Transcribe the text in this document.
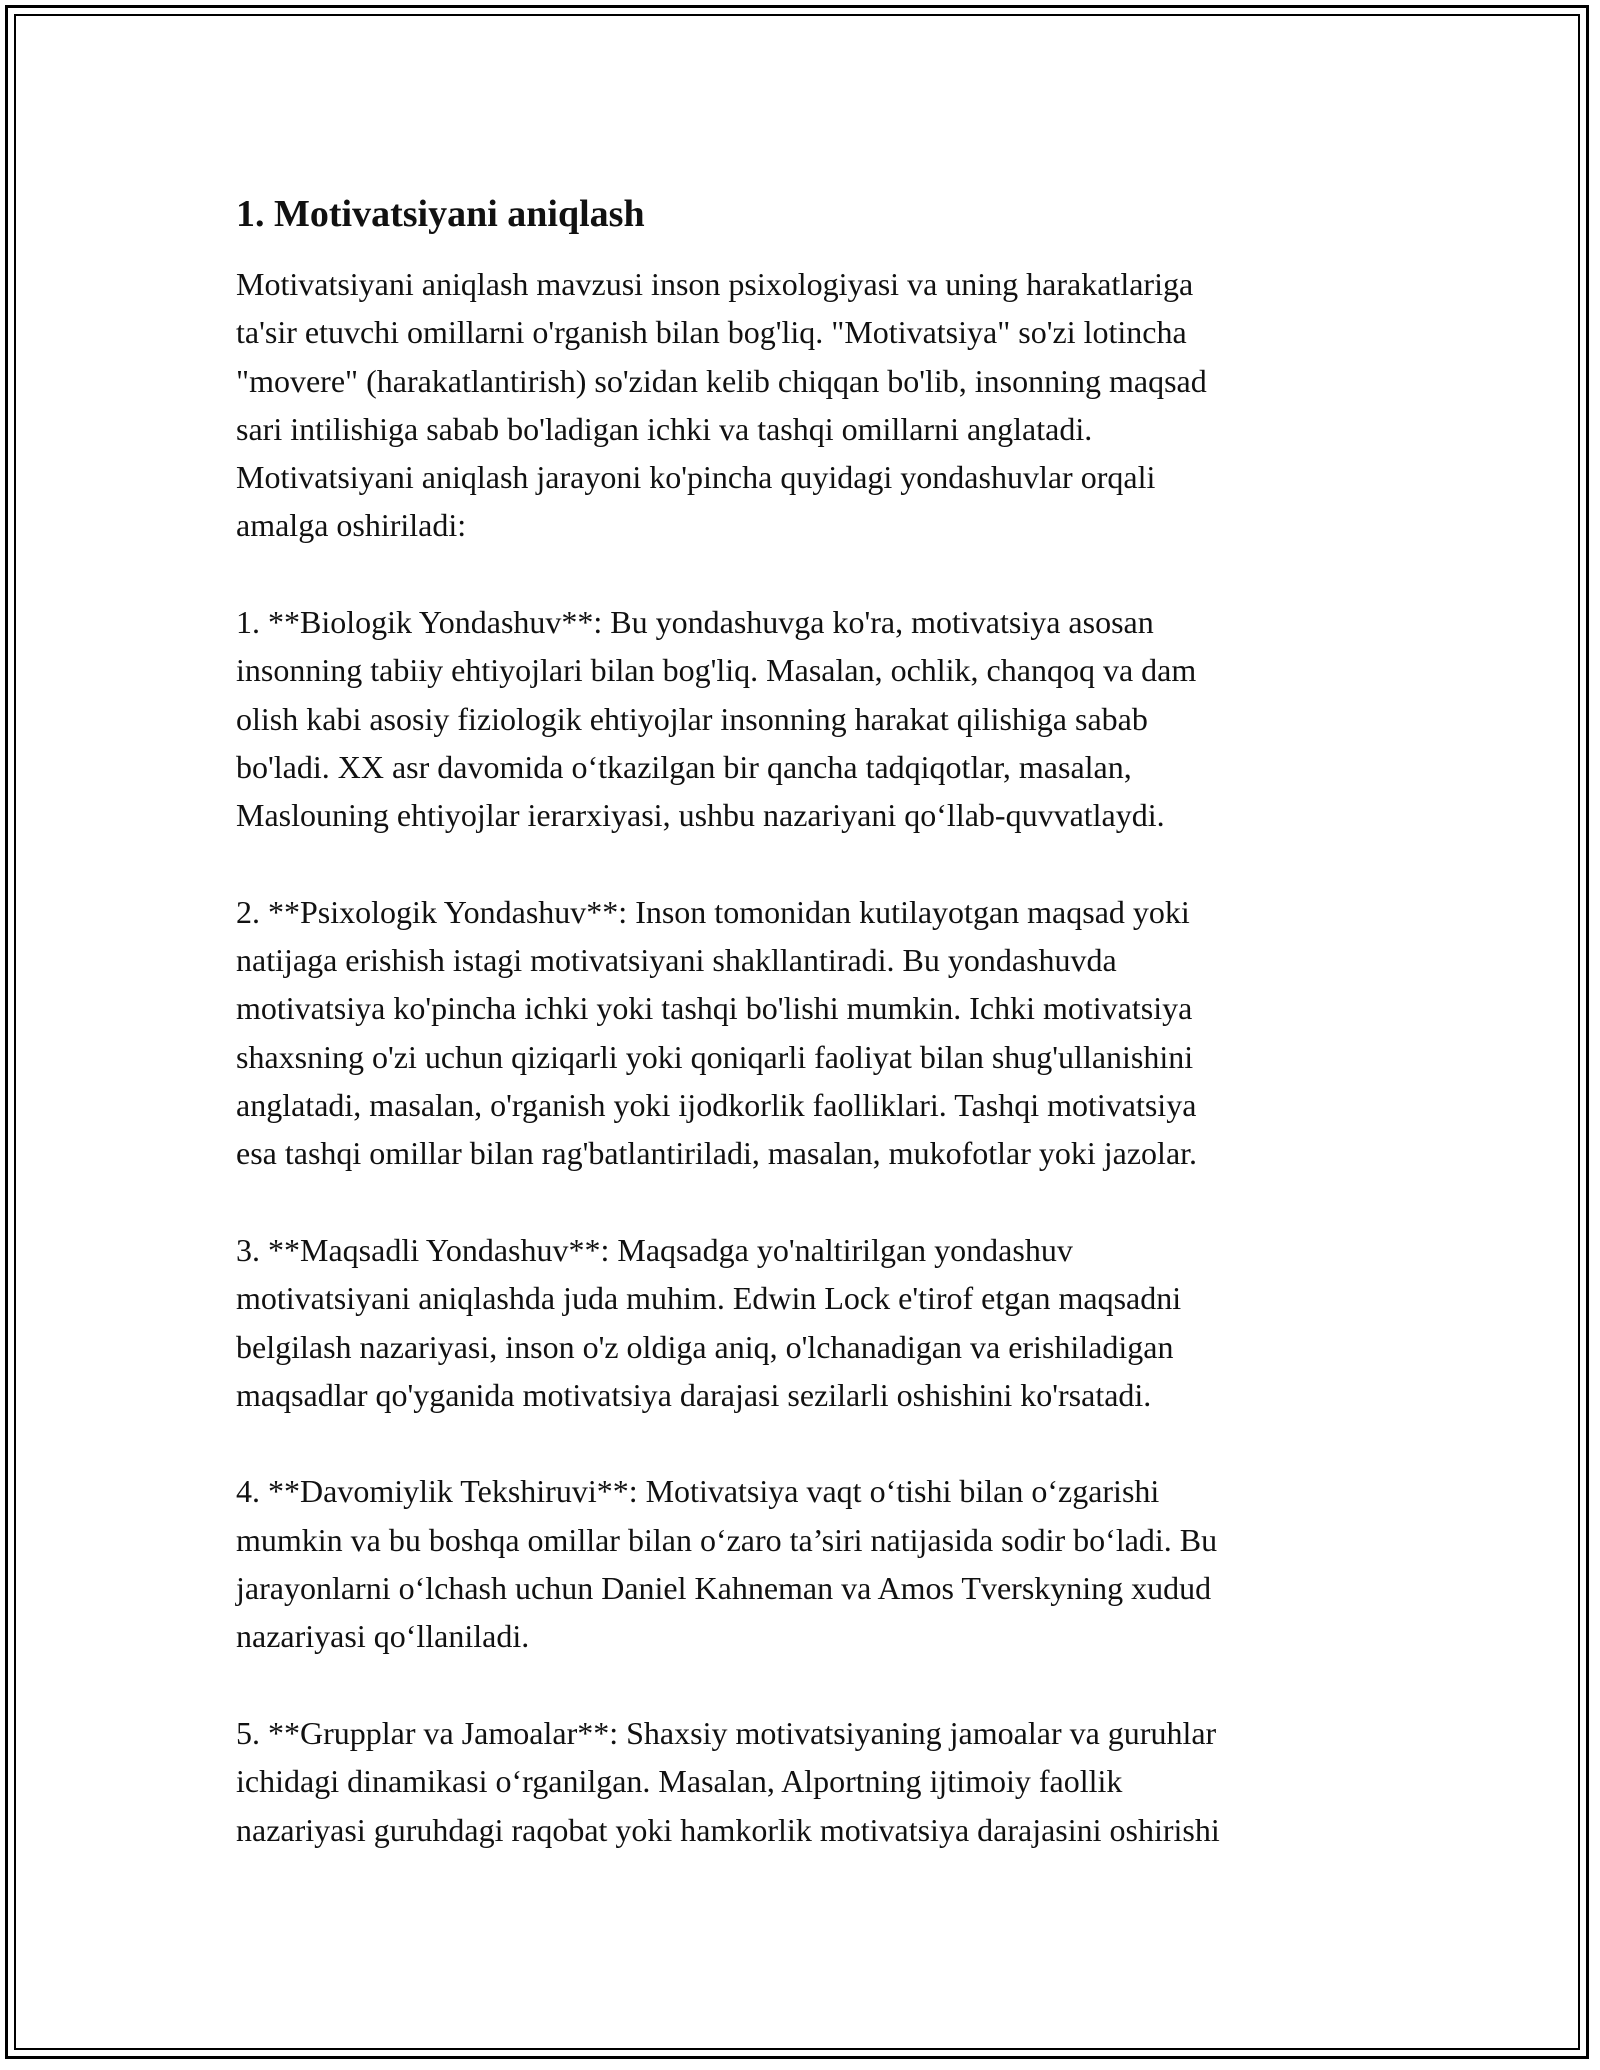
1. Motivatsiyani aniqlash

Motivatsiyani aniqlash mavzusi inson psixologiyasi va uning harakatlariga
ta'sir etuvchi omillarni o'rganish bilan bog'liq. "Motivatsiya" so'zi lotincha
"movere" (harakatlantirish) so'zidan kelib chiqqan bo'lib, insonning maqsad
sari intilishiga sabab bo'ladigan ichki va tashqi omillarni anglatadi.
Motivatsiyani aniqlash jarayoni ko'pincha quyidagi yondashuvlar orqali
amalga oshiriladi:

1. **Biologik Yondashuv**: Bu yondashuvga ko'ra, motivatsiya asosan
insonning tabiiy ehtiyojlari bilan bog'liq. Masalan, ochlik, chanqoq va dam
olish kabi asosiy fiziologik ehtiyojlar insonning harakat qilishiga sabab
bo'ladi. XX asr davomida o‘tkazilgan bir qancha tadqiqotlar, masalan,
Maslouning ehtiyojlar ierarxiyasi, ushbu nazariyani qo‘llab-quvvatlaydi.

2. **Psixologik Yondashuv**: Inson tomonidan kutilayotgan maqsad yoki
natijaga erishish istagi motivatsiyani shakllantiradi. Bu yondashuvda
motivatsiya ko'pincha ichki yoki tashqi bo'lishi mumkin. Ichki motivatsiya
shaxsning o'zi uchun qiziqarli yoki qoniqarli faoliyat bilan shug'ullanishini
anglatadi, masalan, o'rganish yoki ijodkorlik faolliklari. Tashqi motivatsiya
esa tashqi omillar bilan rag'batlantiriladi, masalan, mukofotlar yoki jazolar.

3. **Maqsadli Yondashuv**: Maqsadga yo'naltirilgan yondashuv
motivatsiyani aniqlashda juda muhim. Edwin Lock e'tirof etgan maqsadni
belgilash nazariyasi, inson o'z oldiga aniq, o'lchanadigan va erishiladigan
maqsadlar qo'yganida motivatsiya darajasi sezilarli oshishini ko'rsatadi.

4. **Davomiylik Tekshiruvi**: Motivatsiya vaqt o‘tishi bilan o‘zgarishi
mumkin va bu boshqa omillar bilan o‘zaro ta’siri natijasida sodir bo‘ladi. Bu
jarayonlarni o‘lchash uchun Daniel Kahneman va Amos Tverskyning xudud
nazariyasi qo‘llaniladi.

5. **Grupplar va Jamoalar**: Shaxsiy motivatsiyaning jamoalar va guruhlar
ichidagi dinamikasi o‘rganilgan. Masalan, Alportning ijtimoiy faollik
nazariyasi guruhdagi raqobat yoki hamkorlik motivatsiya darajasini oshirishi
